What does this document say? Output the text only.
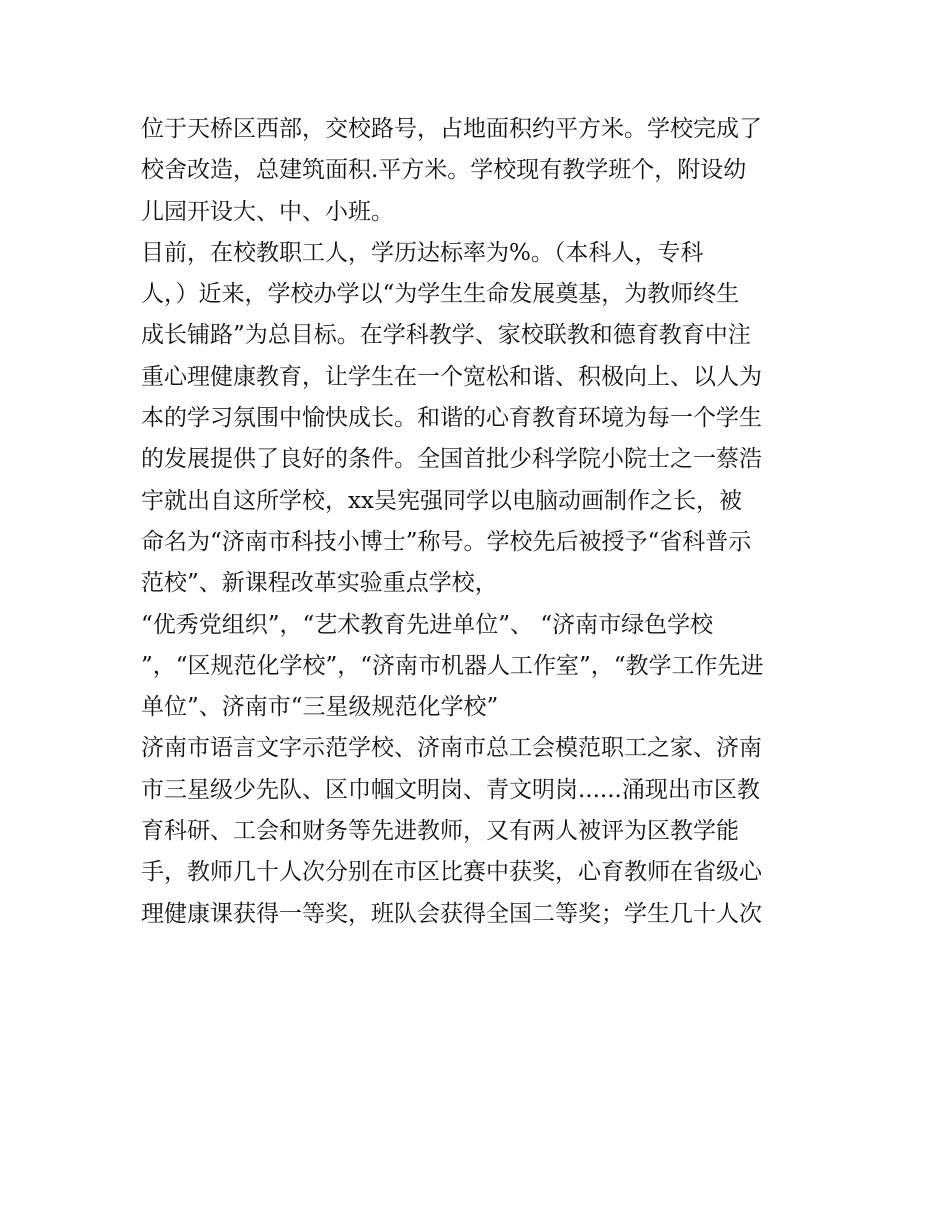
位于天桥区西部，交校路号，占地面积约平方米。学校完成了
校舍改造，总建筑面积.平方米。学校现有教学班个，附设幼
儿园开设大、中、小班。
目前，在校教职工人，学历达标率为%。（本科人，专科
人，）近来，学校办学以“为学生生命发展奠基，为教师终生
成长铺路”为总目标。在学科教学、家校联教和德育教育中注
重心理健康教育，让学生在一个宽松和谐、积极向上、以人为
本的学习氛围中愉快成长。和谐的心育教育环境为每一个学生
的发展提供了良好的条件。全国首批少科学院小院士之一蔡浩
宇就出自这所学校，xx吴宪强同学以电脑动画制作之长，被
命名为“济南市科技小博士”称号。学校先后被授予“省科普示
范校”、新课程改革实验重点学校，
“优秀党组织”，“艺术教育先进单位”、 “济南市绿色学校
”，“区规范化学校”，“济南市机器人工作室”，“教学工作先进
单位”、济南市“三星级规范化学校”
济南市语言文字示范学校、济南市总工会模范职工之家、济南
市三星级少先队、区巾帼文明岗、青文明岗......涌现出市区教
育科研、工会和财务等先进教师，又有两人被评为区教学能
手，教师几十人次分别在市区比赛中获奖，心育教师在省级心
理健康课获得一等奖，班队会获得全国二等奖；学生几十人次
